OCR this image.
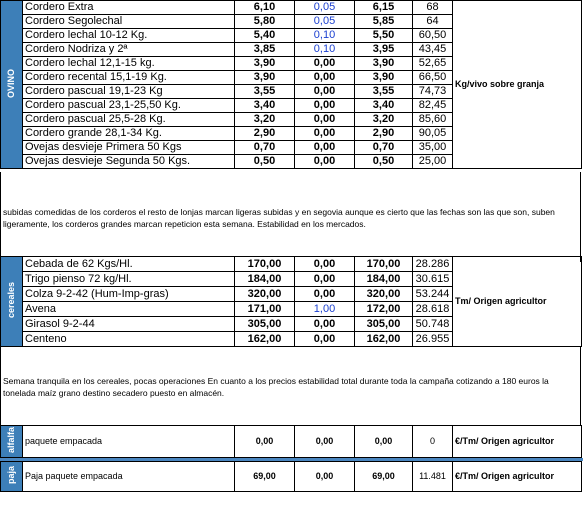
OVINO	Cordero Extra	6,10	0,05	6,15	68	Kg/vivo sobre granja
	Cordero Segolechal	5,80	0,05	5,85	64	
	Cordero lechal 10-12 Kg.	5,40	0,10	5,50	60,50	
	Cordero Nodriza y 2ª	3,85	0,10	3,95	43,45	
	Cordero lechal 12,1-15 kg.	3,90	0,00	3,90	52,65	
	Cordero recental 15,1-19 Kg.	3,90	0,00	3,90	66,50	
	Cordero pascual 19,1-23 Kg	3,55	0,00	3,55	74,73	
	Cordero pascual 23,1-25,50 Kg.	3,40	0,00	3,40	82,45	
	Cordero pascual 25,5-28 Kg.	3,20	0,00	3,20	85,60	
	Cordero grande 28,1-34 Kg.	2,90	0,00	2,90	90,05	
	Ovejas desvieje Primera 50 Kgs	0,70	0,00	0,70	35,00	
	Ovejas desvieje Segunda 50 Kgs.	0,50	0,00	0,50	25,00	
subidas comedidas de los corderos el resto de lonjas marcan ligeras subidas y en segovia aunque es cierto que las fechas son las que son, suben ligeramente, los corderos grandes marcan repeticion esta semana. Estabilidad en los mercados.
cereales	Cebada de 62 Kgs/Hl.	170,00	0,00	170,00	28.286	Tm/ Origen agricultor
	Trigo pienso 72 kg/Hl.	184,00	0,00	184,00	30.615	
	Colza 9-2-42 (Hum-Imp-gras)	320,00	0,00	320,00	53.244	
	Avena	171,00	1,00	172,00	28.618	
	Girasol 9-2-44	305,00	0,00	305,00	50.748	
	Centeno	162,00	0,00	162,00	26.955	
Semana tranquila en los cereales, pocas operaciones En cuanto a los precios estabilidad total durante toda la campaña cotizando a 180 euros la tonelada maíz grano destino secadero puesto en almacén.
alfalfa	paquete empacada	0,00	0,00	0,00	0	€/Tm/ Origen agricultor
paja	Paja paquete empacada	69,00	0,00	69,00	11.481	€/Tm/ Origen agricultor
